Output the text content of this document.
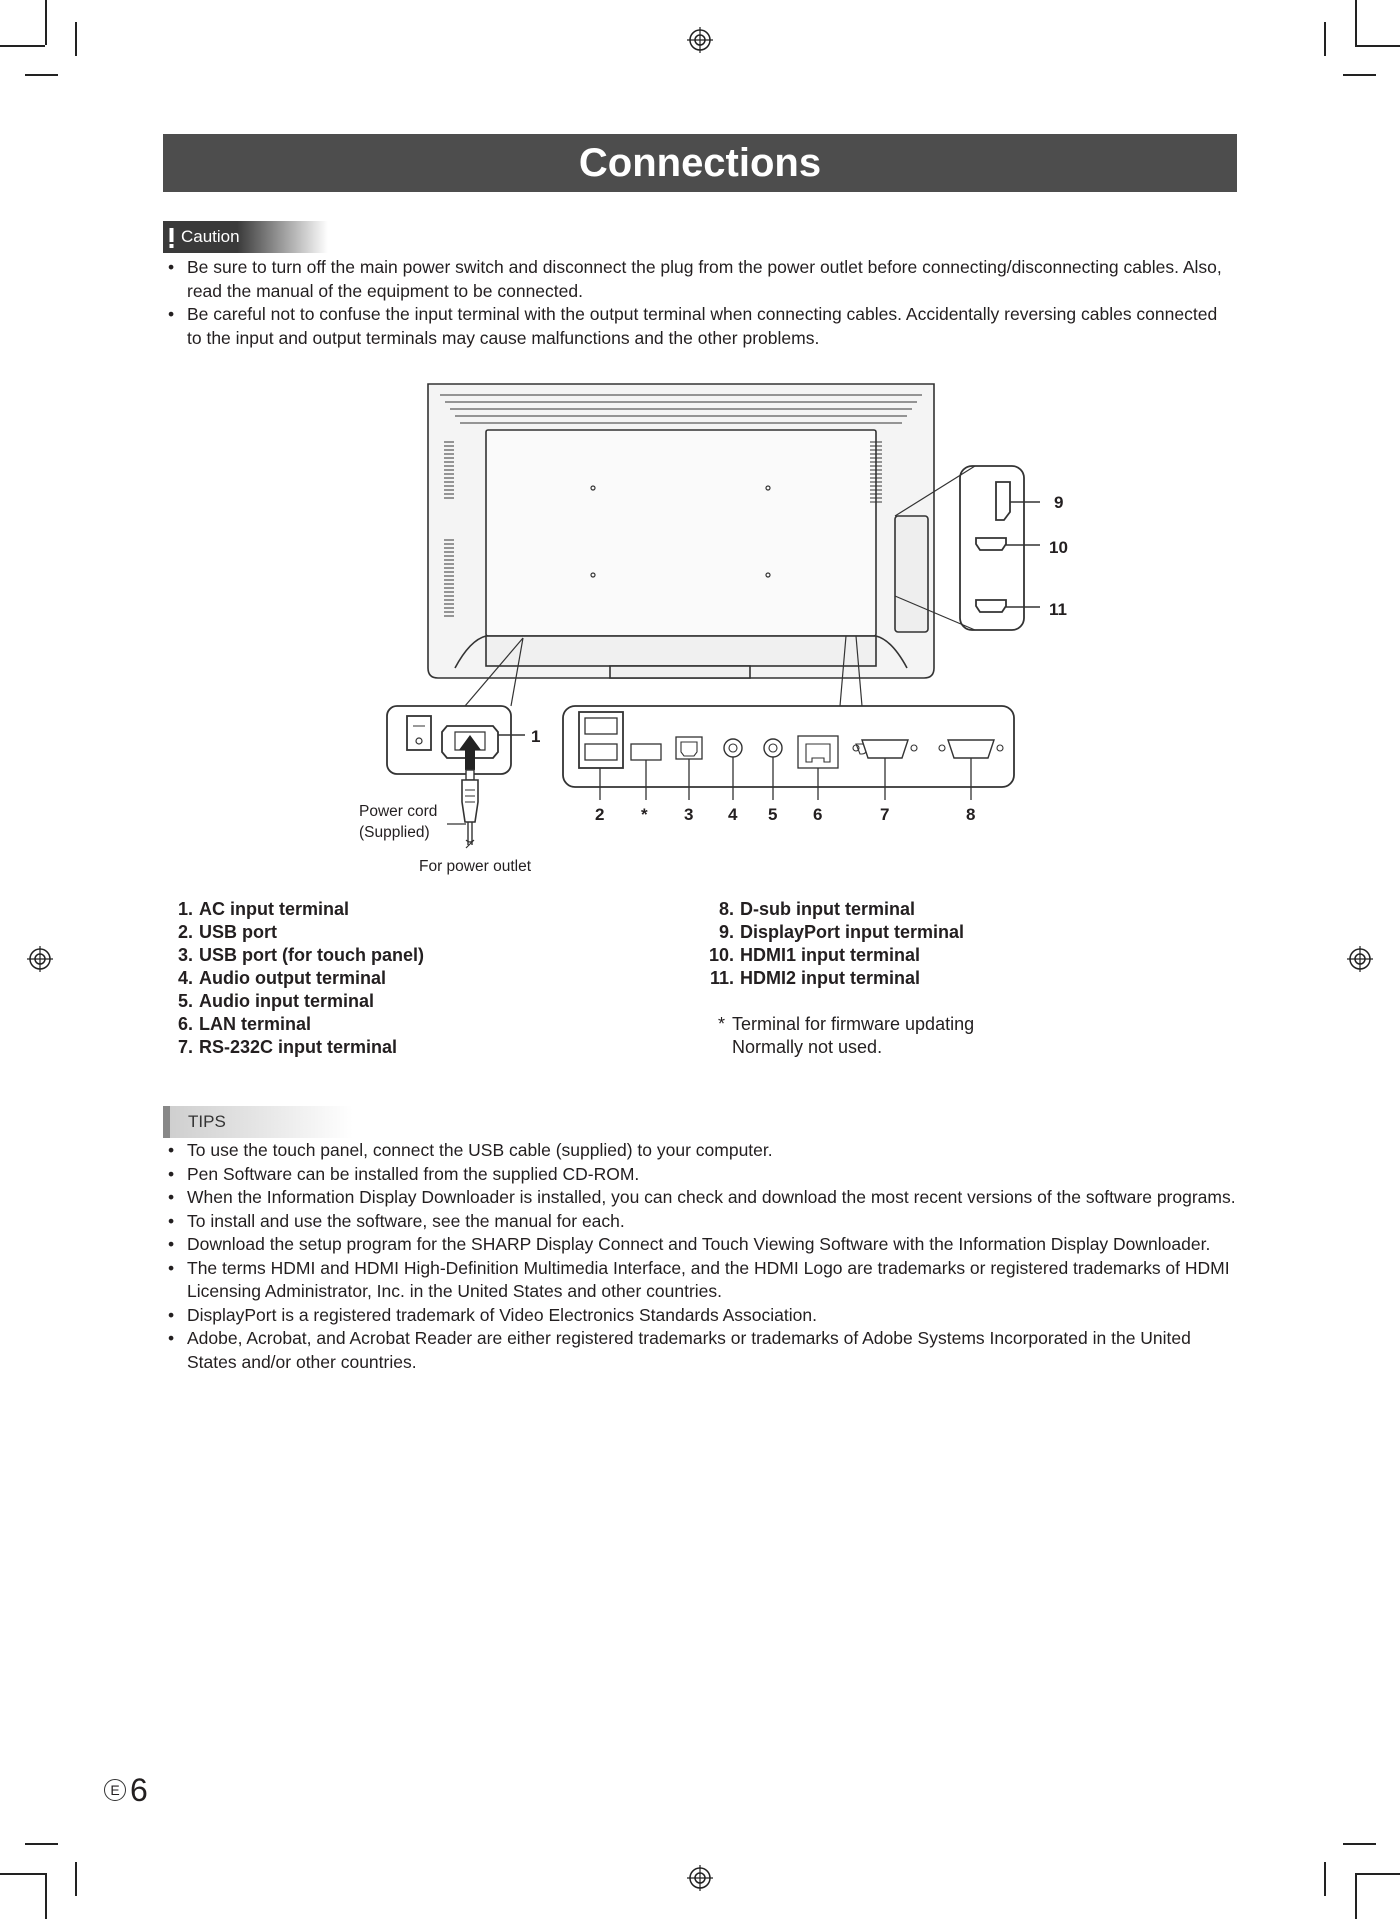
Connections
Caution
• Be sure to turn off the main power switch and disconnect the plug from the power outlet before connecting/disconnecting cables. Also, read the manual of the equipment to be connected.
• Be careful not to confuse the input terminal with the output terminal when connecting cables. Accidentally reversing cables connected to the input and output terminals may cause malfunctions and the other problems.
1
2 * 3 4 5 6	7	8
9
10
11
Power cord
(Supplied)
For power outlet
1. AC input terminal
2. USB port
3. USB port (for touch panel)
4. Audio output terminal
5. Audio input terminal
6. LAN terminal
7. RS-232C input terminal
8. D-sub input terminal
9. DisplayPort input terminal
10. HDMI1 input terminal
11. HDMI2 input terminal
* Terminal for firmware updating
Normally not used.
TIPS
• To use the touch panel, connect the USB cable (supplied) to your computer.
• Pen Software can be installed from the supplied CD-ROM.
• When the Information Display Downloader is installed, you can check and download the most recent versions of the software programs.
• To install and use the software, see the manual for each.
• Download the setup program for the SHARP Display Connect and Touch Viewing Software with the Information Display Downloader.
• The terms HDMI and HDMI High-Definition Multimedia Interface, and the HDMI Logo are trademarks or registered trademarks of HDMI Licensing Administrator, Inc. in the United States and other countries.
• DisplayPort is a registered trademark of Video Electronics Standards Association.
• Adobe, Acrobat, and Acrobat Reader are either registered trademarks or trademarks of Adobe Systems Incorporated in the United States and/or other countries.
E 6
